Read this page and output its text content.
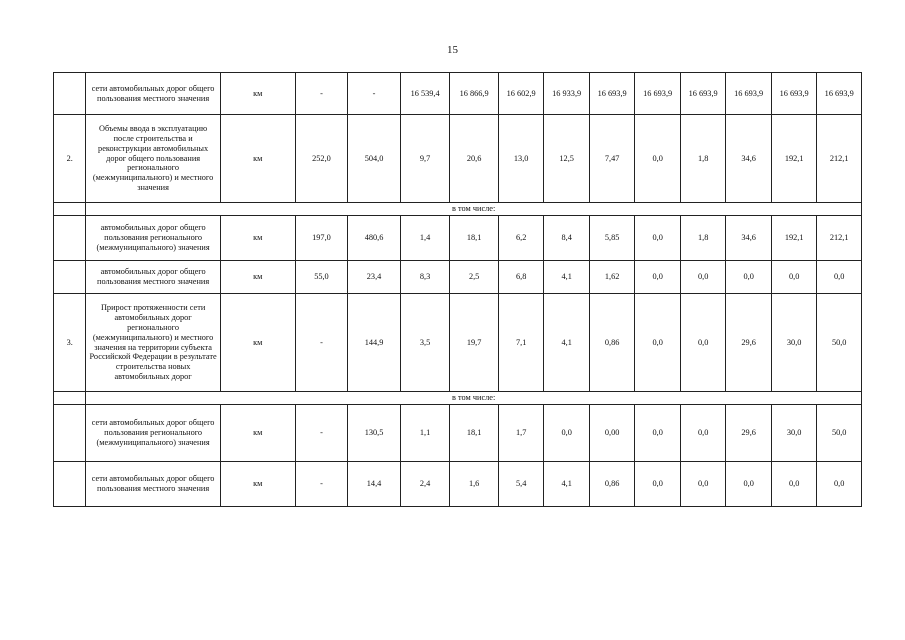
15
	сети автомобильных дорог общего пользования местного значения	км	-	-	16 539,4	16 866,9	16 602,9	16 933,9	16 693,9	16 693,9	16 693,9	16 693,9	16 693,9	16 693,9
2.	Объемы ввода в эксплуатацию после строительства и реконструкции автомобильных дорог общего пользования регионального (межмуниципального) и местного значения	км	252,0	504,0	9,7	20,6	13,0	12,5	7,47	0,0	1,8	34,6	192,1	212,1
	в том числе:													
	автомобильных дорог общего пользования регионального (межмуниципального) значения	км	197,0	480,6	1,4	18,1	6,2	8,4	5,85	0,0	1,8	34,6	192,1	212,1
	автомобильных дорог общего пользования местного значения	км	55,0	23,4	8,3	2,5	6,8	4,1	1,62	0,0	0,0	0,0	0,0	0,0
3.	Прирост протяженности сети автомобильных дорог регионального (межмуниципального) и местного значения на территории субъекта Российской Федерации в результате строительства новых автомобильных дорог	км	-	144,9	3,5	19,7	7,1	4,1	0,86	0,0	0,0	29,6	30,0	50,0
	в том числе:													
	сети автомобильных дорог общего пользования регионального (межмуниципального) значения	км	-	130,5	1,1	18,1	1,7	0,0	0,00	0,0	0,0	29,6	30,0	50,0
	сети автомобильных дорог общего пользования местного значения	км	-	14,4	2,4	1,6	5,4	4,1	0,86	0,0	0,0	0,0	0,0	0,0
